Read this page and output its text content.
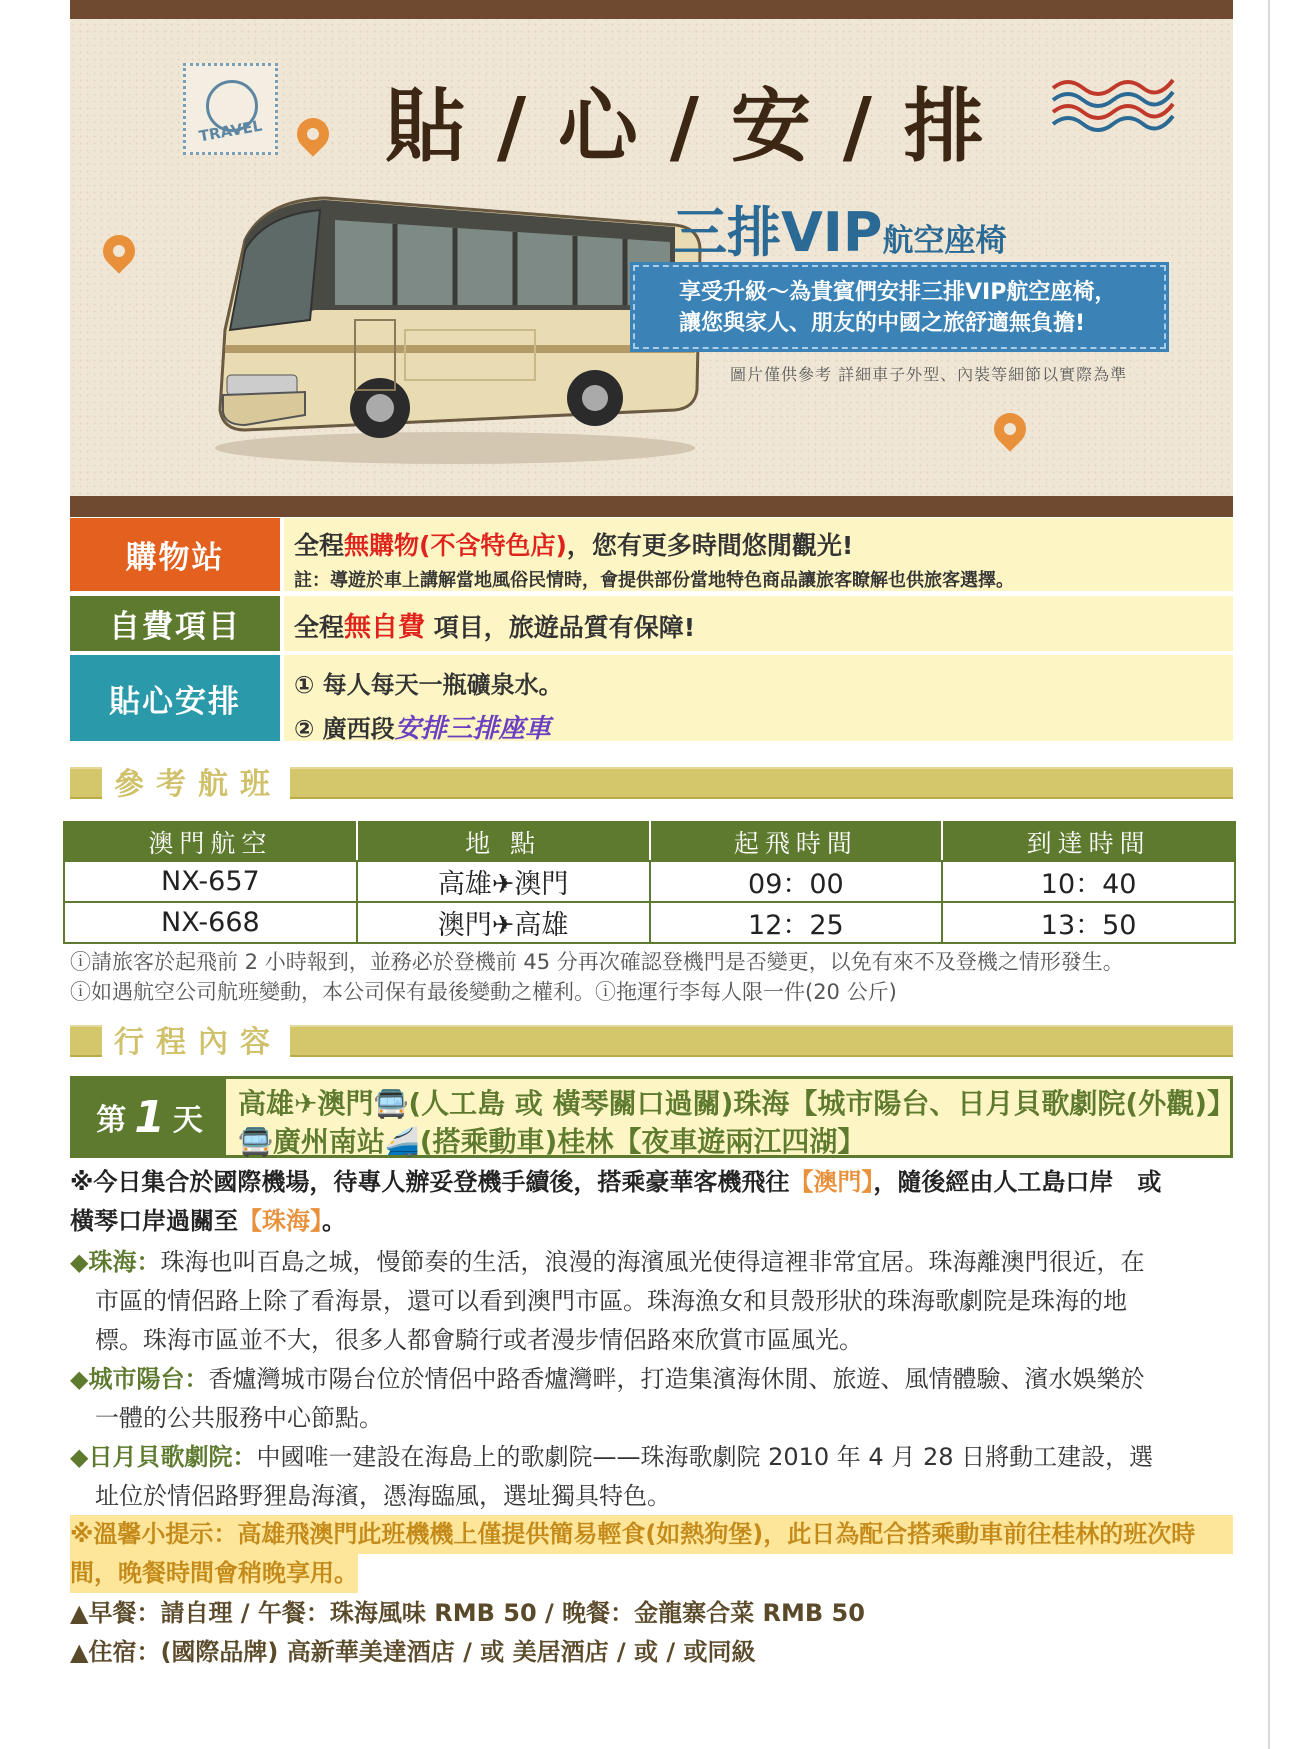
TRAVEL 貼 / 心 / 安 / 排
三排VIP航空座椅
享受升級～為貴賓們安排三排VIP航空座椅，
讓您與家人、朋友的中國之旅舒適無負擔!
圖片僅供參考 詳細車子外型、內裝等細節以實際為準
購物站	全程無購物(不含特色店)，您有更多時間悠閒觀光!
註：導遊於車上講解當地風俗民情時，會提供部份當地特色商品讓旅客瞭解也供旅客選擇。
自費項目	全程無自費 項目，旅遊品質有保障!
貼心安排	① 每人每天一瓶礦泉水。
② 廣西段安排三排座車
參考航班
澳門航空	地 點	起飛時間	到達時間
NX-657	高雄✈澳門	09：00	10：40
NX-668	澳門✈高雄	12：25	13：50
ⓘ請旅客於起飛前 2 小時報到，並務必於登機前 45 分再次確認登機門是否變更，以免有來不及登機之情形發生。
ⓘ如遇航空公司航班變動，本公司保有最後變動之權利。ⓘ拖運行李每人限一件(20 公斤)
行程內容
第 1 天 高雄✈澳門🚍(人工島 或 橫琴關口過關)珠海【城市陽台、日月貝歌劇院(外觀)】
🚍廣州南站🚄(搭乘動車)桂林【夜車遊兩江四湖】
※今日集合於國際機場，待專人辦妥登機手續後，搭乘豪華客機飛往【澳門】，隨後經由人工島口岸　或
橫琴口岸過關至【珠海】。
◆珠海：珠海也叫百島之城，慢節奏的生活，浪漫的海濱風光使得這裡非常宜居。珠海離澳門很近，在
市區的情侶路上除了看海景，還可以看到澳門市區。珠海漁女和貝殼形狀的珠海歌劇院是珠海的地
標。珠海市區並不大，很多人都會騎行或者漫步情侶路來欣賞市區風光。
◆城市陽台：香爐灣城市陽台位於情侶中路香爐灣畔，打造集濱海休閒、旅遊、風情體驗、濱水娛樂於
一體的公共服務中心節點。
◆日月貝歌劇院：中國唯一建設在海島上的歌劇院——珠海歌劇院 2010 年 4 月 28 日將動工建設，選
址位於情侶路野狸島海濱，憑海臨風，選址獨具特色。
※溫馨小提示：高雄飛澳門此班機機上僅提供簡易輕食(如熱狗堡)，此日為配合搭乘動車前往桂林的班次時
間，晚餐時間會稍晚享用。
▲早餐：請自理 / 午餐：珠海風味 RMB 50 / 晚餐：金龍寨合菜 RMB 50
▲住宿：(國際品牌) 高新華美達酒店 / 或 美居酒店 / 或 / 或同級
